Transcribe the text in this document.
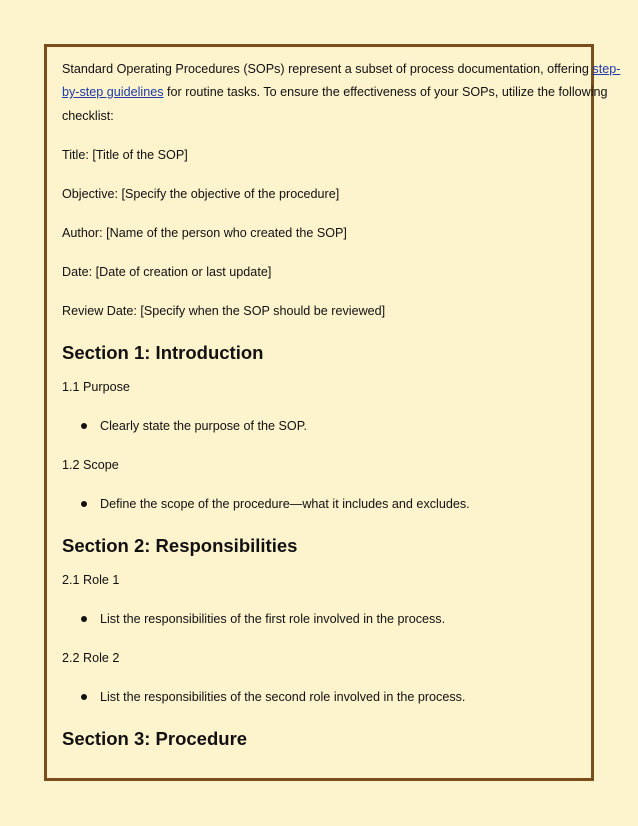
Standard Operating Procedures (SOPs) represent a subset of process documentation, offering step-
by-step guidelines for routine tasks. To ensure the effectiveness of your SOPs, utilize the following
checklist:
Title: [Title of the SOP]
Objective: [Specify the objective of the procedure]
Author: [Name of the person who created the SOP]
Date: [Date of creation or last update]
Review Date: [Specify when the SOP should be reviewed]
Section 1: Introduction
1.1 Purpose
Clearly state the purpose of the SOP.
1.2 Scope
Define the scope of the procedure—what it includes and excludes.
Section 2: Responsibilities
2.1 Role 1
List the responsibilities of the first role involved in the process.
2.2 Role 2
List the responsibilities of the second role involved in the process.
Section 3: Procedure
